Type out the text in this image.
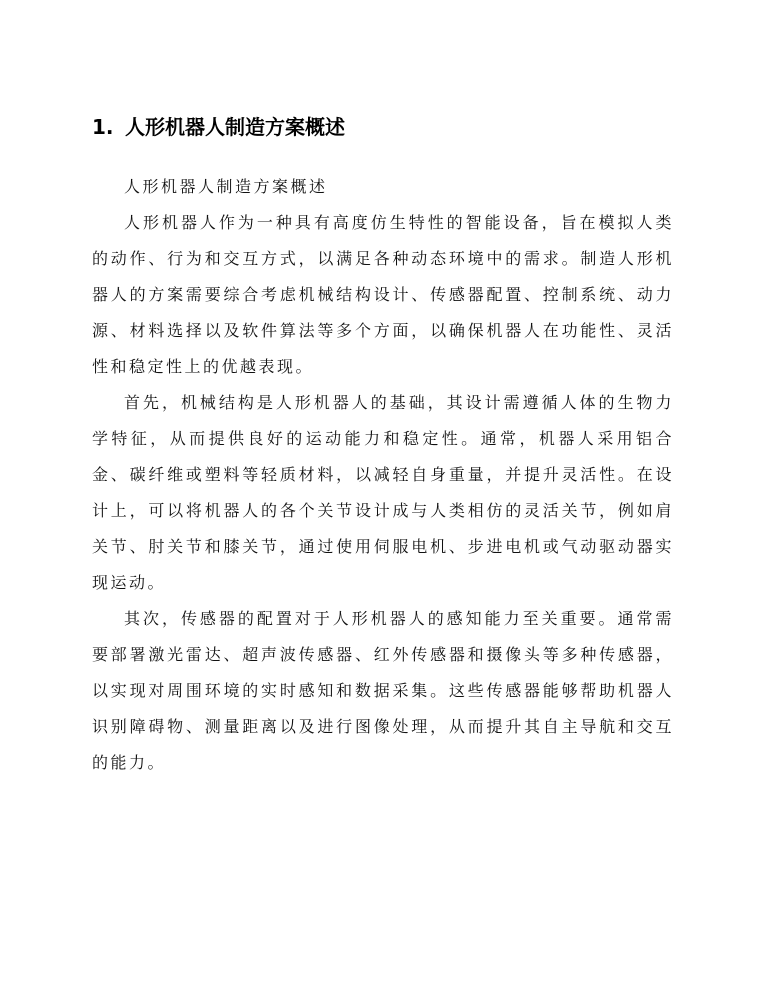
1. 人形机器人制造方案概述

人形机器人制造方案概述

人形机器人作为一种具有高度仿生特性的智能设备，旨在模拟人类的动作、行为和交互方式，以满足各种动态环境中的需求。制造人形机器人的方案需要综合考虑机械结构设计、传感器配置、控制系统、动力源、材料选择以及软件算法等多个方面，以确保机器人在功能性、灵活性和稳定性上的优越表现。

首先，机械结构是人形机器人的基础，其设计需遵循人体的生物力学特征，从而提供良好的运动能力和稳定性。通常，机器人采用铝合金、碳纤维或塑料等轻质材料，以减轻自身重量，并提升灵活性。在设计上，可以将机器人的各个关节设计成与人类相仿的灵活关节，例如肩关节、肘关节和膝关节，通过使用伺服电机、步进电机或气动驱动器实现运动。

其次，传感器的配置对于人形机器人的感知能力至关重要。通常需要部署激光雷达、超声波传感器、红外传感器和摄像头等多种传感器，以实现对周围环境的实时感知和数据采集。这些传感器能够帮助机器人识别障碍物、测量距离以及进行图像处理，从而提升其自主导航和交互的能力。
